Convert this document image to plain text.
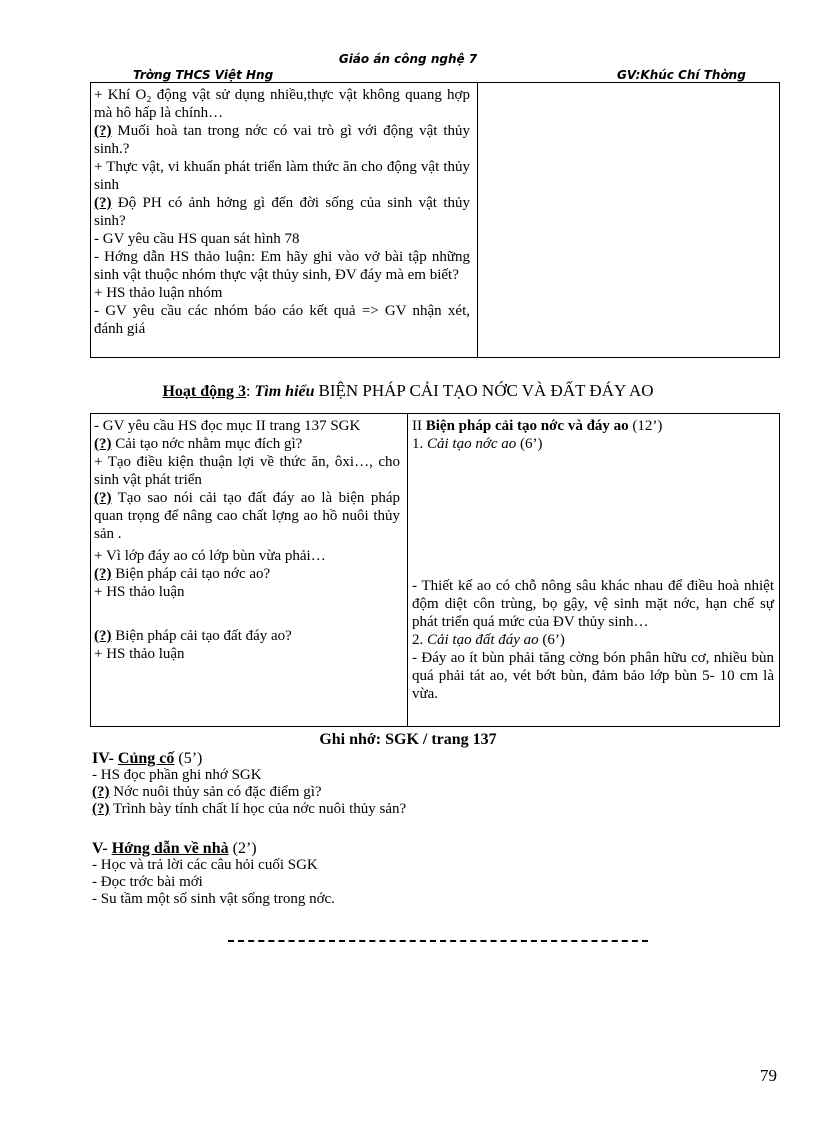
Giáo án công nghệ 7
Trờng THCS Việt Hng	GV:Khúc Chí Thờng

+ Khí O₂ động vật sử dụng nhiều,thực vật không quang hợp mà hô hấp là chính…

(?) Muối hoà tan trong nớc có vai trò gì với động vật thủy sinh.?

+ Thực vật, vi khuẩn phát triển làm thức ăn cho động vật thủy sinh

(?) Độ PH có ảnh hởng gì đến đời sống của sinh vật thủy sinh?

- GV yêu cầu HS quan sát hình 78

- Hớng dẫn HS thảo luận: Em hãy ghi vào vở bài tập những sinh vật thuộc nhóm thực vật thủy sinh, ĐV đáy mà em biết?

+ HS thảo luận nhóm

- GV yêu cầu các nhóm báo cáo kết quả => GV nhận xét, đánh giá

Hoạt động 3: Tìm hiểu BIỆN PHÁP CẢI TẠO NỚC VÀ ĐẤT ĐÁY AO

- GV yêu cầu HS đọc mục II trang 137 SGK

(?) Cải tạo nớc nhằm mục đích gì?

+ Tạo điều kiện thuận lợi về thức ăn, ôxi…, cho sinh vật phát triển

(?) Tạo sao nói cải tạo đất đáy ao là biện pháp quan trọng để nâng cao chất lợng ao hồ nuôi thủy sản .

+ Vì lớp đáy ao có lớp bùn vừa phải…

(?) Biện pháp cải tạo nớc ao?

+ HS thảo luận

(?) Biện pháp cải tạo đất đáy ao?

+ HS thảo luận

II Biện pháp cải tạo nớc và đáy ao (12’)

1. Cải tạo nớc ao (6’)

- Thiết kế ao có chỗ nông sâu khác nhau để điều hoà nhiệt độm diệt côn trùng, bọ gậy, vệ sinh mặt nớc, hạn chế sự phát triển quá mức của ĐV thủy sinh…

2. Cải tạo đất đáy ao (6’)

- Đáy ao ít bùn phải tăng cờng bón phân hữu cơ, nhiều bùn quá phải tát ao, vét bớt bùn, đảm bảo lớp bùn 5- 10 cm là vừa.

Ghi nhớ: SGK / trang 137

IV- Củng cố (5’)

- HS đọc phần ghi nhớ SGK

(?) Nớc nuôi thủy sản có đặc điểm gì?

(?) Trình bày tính chất lí học của nớc nuôi thủy sản?

V- Hớng dẫn về nhà (2’)

- Học và trả lời các câu hỏi cuối SGK

- Đọc trớc bài mới

- Su tầm một số sinh vật sống trong nớc.

79
